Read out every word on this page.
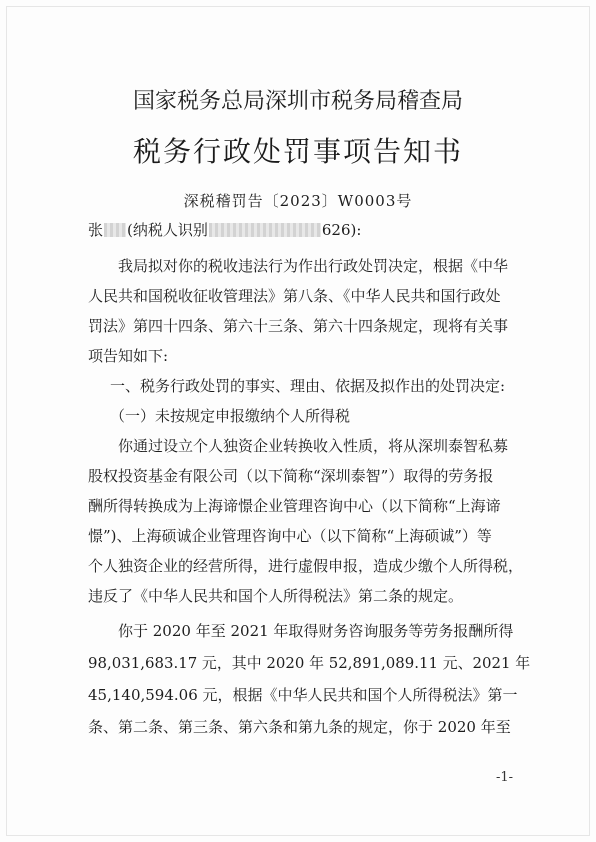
国家税务总局深圳市税务局稽查局
税务行政处罚事项告知书
深税稽罚告〔2023〕W0003号
张 (纳税人识别	626):
我局拟对你的税收违法行为作出行政处罚决定，根据《中华
人民共和国税收征收管理法》第八条、《中华人民共和国行政处
罚法》第四十四条、第六十三条、第六十四条规定，现将有关事
项告知如下:
一、税务行政处罚的事实、理由、依据及拟作出的处罚决定:
（一）未按规定申报缴纳个人所得税
你通过设立个人独资企业转换收入性质，将从深圳泰智私募
股权投资基金有限公司（以下简称“深圳泰智”）取得的劳务报
酬所得转换成为上海谛憬企业管理咨询中心（以下简称“上海谛
憬”)、上海硕诚企业管理咨询中心（以下简称“上海硕诚”）等
个人独资企业的经营所得，进行虚假申报，造成少缴个人所得税，
违反了《中华人民共和国个人所得税法》第二条的规定。
你于 2020 年至 2021 年取得财务咨询服务等劳务报酬所得
98,031,683.17 元，其中 2020 年 52,891,089.11 元、2021 年
45,140,594.06 元，根据《中华人民共和国个人所得税法》第一
条、第二条、第三条、第六条和第九条的规定，你于 2020 年至
-1-
